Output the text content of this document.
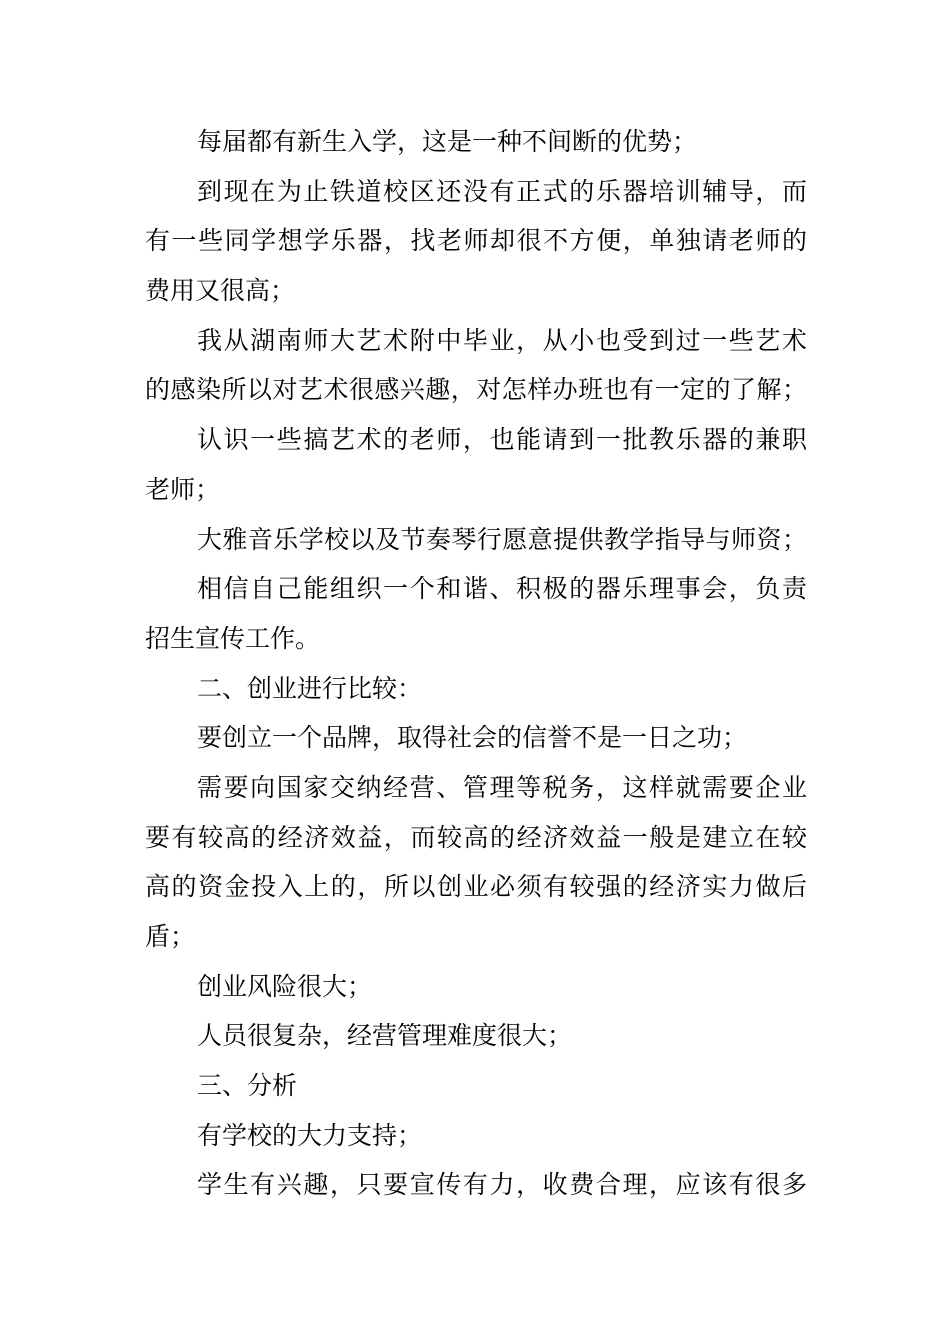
每届都有新生入学，这是一种不间断的优势；
到现在为止铁道校区还没有正式的乐器培训辅导，而
有一些同学想学乐器，找老师却很不方便，单独请老师的
费用又很高；
我从湖南师大艺术附中毕业，从小也受到过一些艺术
的感染所以对艺术很感兴趣，对怎样办班也有一定的了解；
认识一些搞艺术的老师，也能请到一批教乐器的兼职
老师；
大雅音乐学校以及节奏琴行愿意提供教学指导与师资；
相信自己能组织一个和谐、积极的器乐理事会，负责
招生宣传工作。
二、创业进行比较：
要创立一个品牌，取得社会的信誉不是一日之功；
需要向国家交纳经营、管理等税务，这样就需要企业
要有较高的经济效益，而较高的经济效益一般是建立在较
高的资金投入上的，所以创业必须有较强的经济实力做后
盾；
创业风险很大；
人员很复杂，经营管理难度很大；
三、分析
有学校的大力支持；
学生有兴趣，只要宣传有力，收费合理，应该有很多
